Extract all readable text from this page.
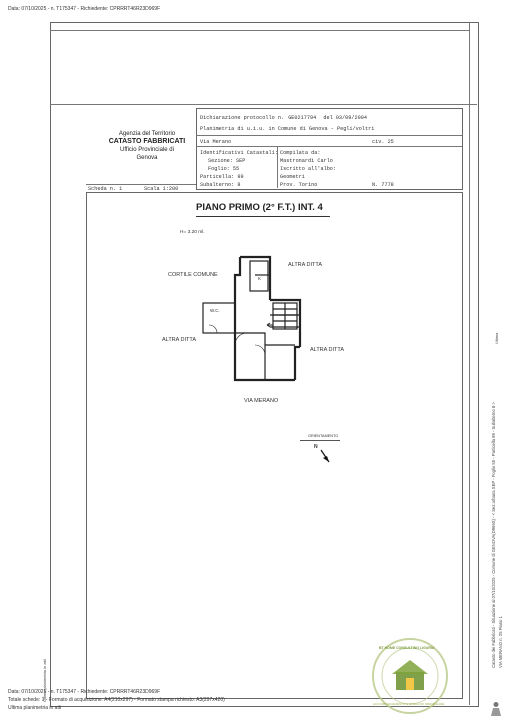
Data: 07/10/2025 - n. T175347 - Richiedente: CPRRRT46R23D969F
Agenzia del Territorio
CATASTO FABBRICATI
Ufficio Provinciale di
Genova
Dichiarazione protocollo n. GE0217794 del 03/09/2004
Planimetria di u.i.u. in Comune di Genova - Pegli/voltri
Via Merano	civ. 25
Identificativi Catastali:
Sezione: SEP
Foglio: 55
Particella: 99
Subalterno: 8
Compilata da:
Mastronardi Carlo
Iscritto all'albo:
Geometri
Prov. Torino	N. 7778
Scheda n. 1	Scala 1:200
PIANO PRIMO (2° F.T.) INT. 4
H= 3.20 ml.
CORTILE COMUNE
ALTRA DITTA
ALTRA DITTA
ALTRA DITTA
W.C.
K
VIA MERANO
ORIENTAMENTO
N	Catasto dei Fabbricati - Situazione al 07/10/2025 - Comune di GENOVA(D969S) - < Sez.urbana SEP - Foglio 55 - Particella 99 - Subalterno 8 > VIA MERANO n. 25 Piano 1
Ultima
Ultima planimetria in atti
Data: 07/10/2025 - n. T175347 - Richiedente: CPRRRT46R23D969F
Totale schede: 1 - Formato di acquisizione: A4(210x297) - Formato stampa richiesto: A3(297x420)
Ultima planimetria in atti
BT HOME CONSULTING LIGURIA
ACCOMPAGNAMENTO & STRALCIO IMMOBILIARE
